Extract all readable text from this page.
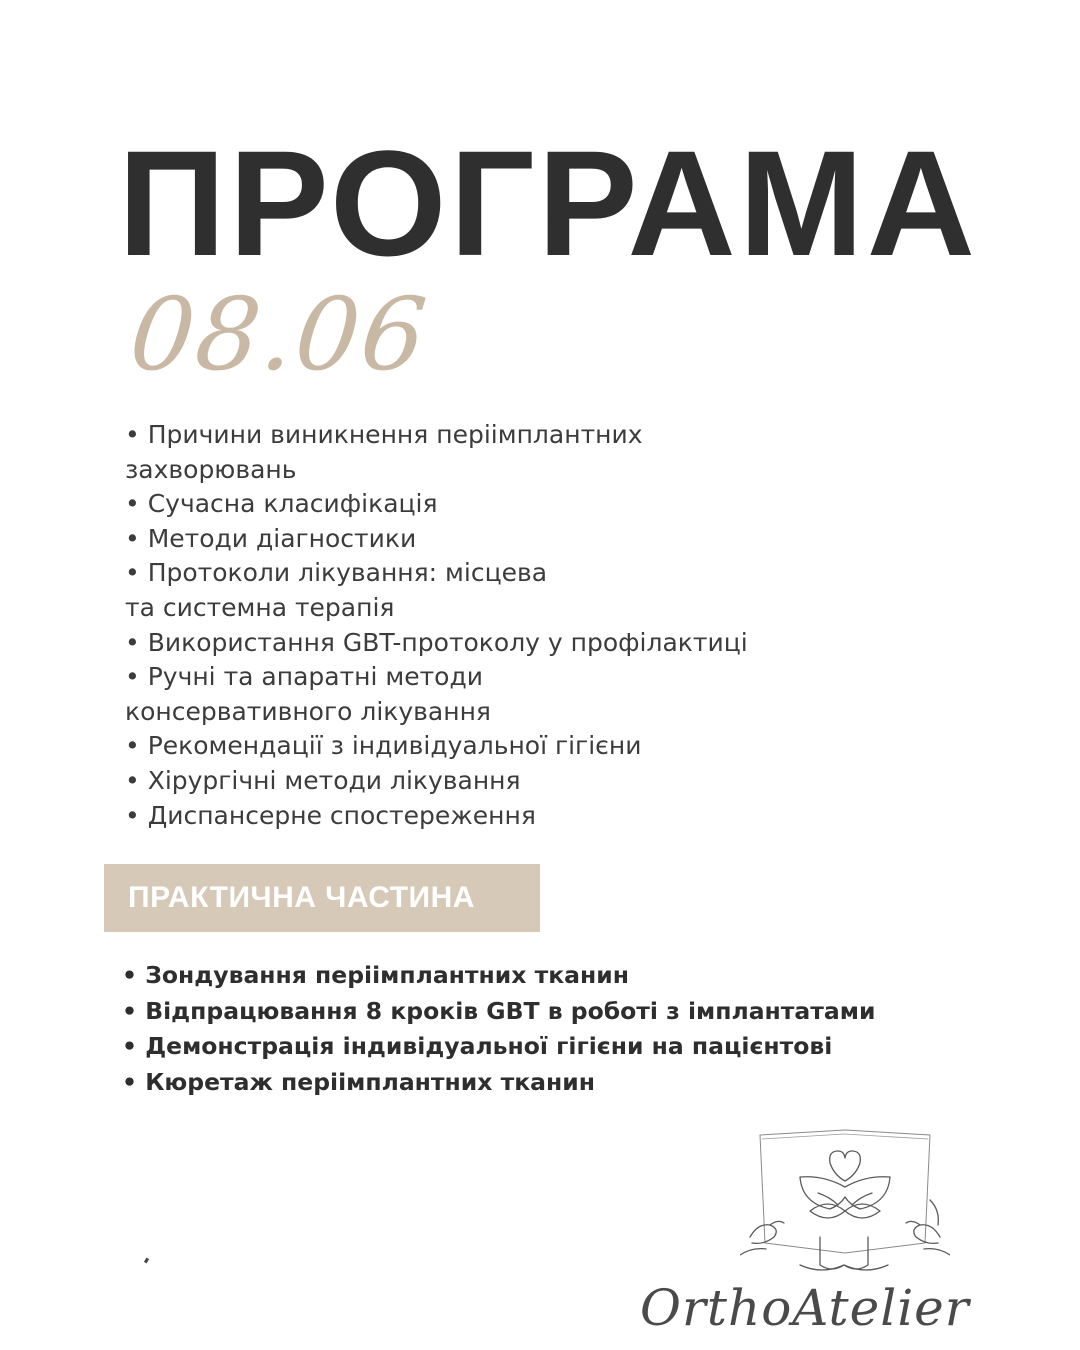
ПРОГРАМА
08.06
• Причини виникнення періімплантних
захворювань
• Сучасна класифікація
• Методи діагностики
• Протоколи лікування: місцева
та системна терапія
• Використання GBT-протоколу у профілактиці
• Ручні та апаратні методи
консервативного лікування
• Рекомендації з індивідуальної гігієни
• Хірургічні методи лікування
• Диспансерне спостереження
ПРАКТИЧНА ЧАСТИНА
• Зондування періімплантних тканин
• Відпрацювання 8 кроків GBT в роботі з імплантатами
• Демонстрація індивідуальної гігієни на пацієнтові
• Кюретаж періімплантних тканин
OrthoAtelier
